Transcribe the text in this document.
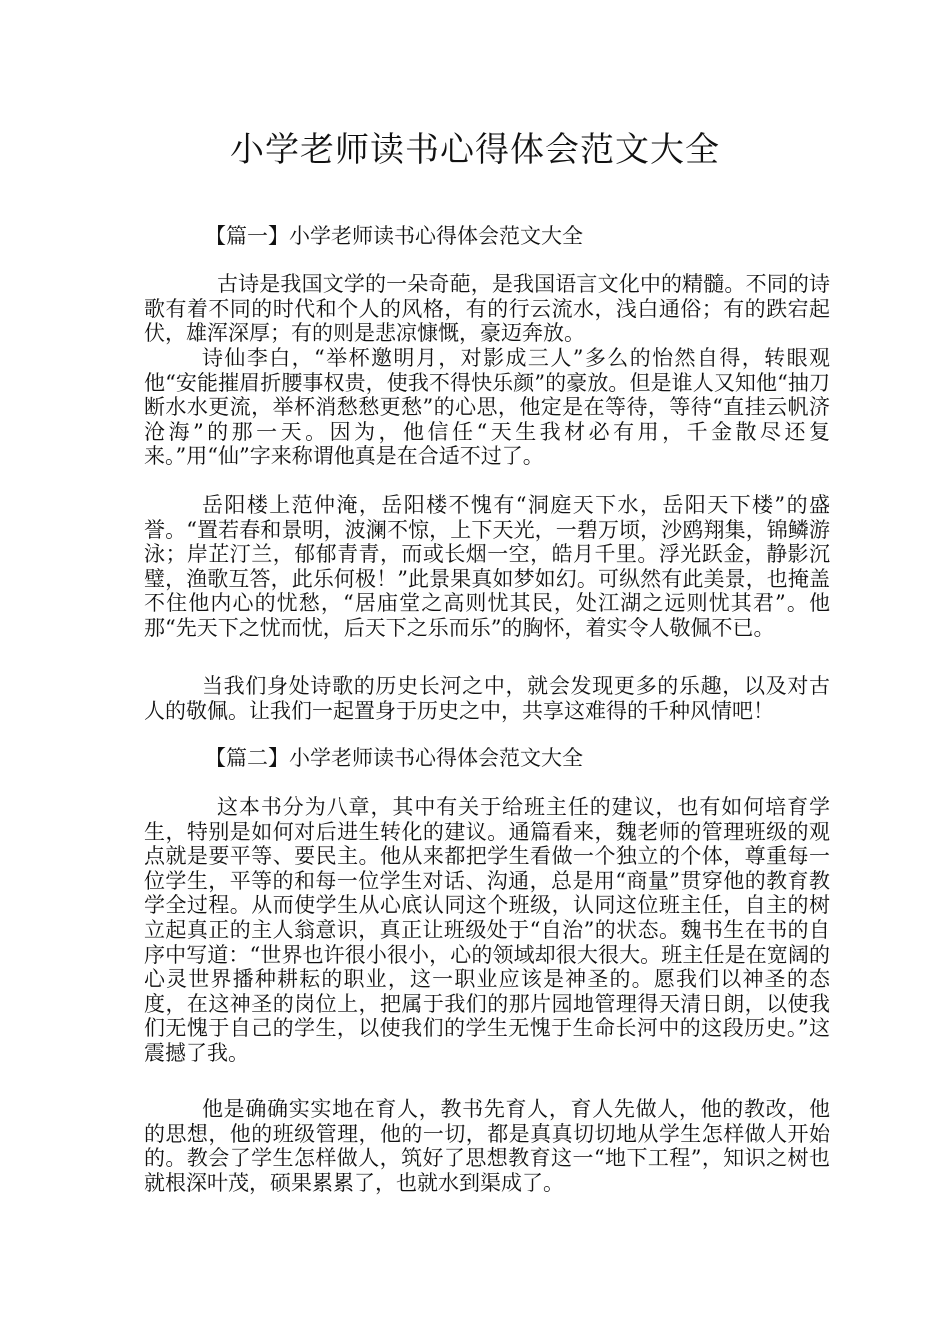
小学老师读书心得体会范文大全
【篇一】小学老师读书心得体会范文大全

古诗是我国文学的一朵奇葩，是我国语言文化中的精髓。不同的诗歌有着不同的时代和个人的风格，有的行云流水，浅白通俗；有的跌宕起伏，雄浑深厚；有的则是悲凉慷慨，豪迈奔放。

诗仙李白，“举杯邀明月，对影成三人”多么的怡然自得，转眼观他“安能摧眉折腰事权贵，使我不得快乐颜”的豪放。但是谁人又知他“抽刀断水水更流，举杯消愁愁更愁”的心思，他定是在等待，等待“直挂云帆济沧海”的那一天。因为，他信任“天生我材必有用，千金散尽还复来。”用“仙”字来称谓他真是在合适不过了。

岳阳楼上范仲淹，岳阳楼不愧有“洞庭天下水，岳阳天下楼”的盛誉。“置若春和景明，波澜不惊，上下天光，一碧万顷，沙鸥翔集，锦鳞游泳；岸芷汀兰，郁郁青青，而或长烟一空，皓月千里。浮光跃金，静影沉璧，渔歌互答，此乐何极！”此景果真如梦如幻。可纵然有此美景，也掩盖不住他内心的忧愁，“居庙堂之高则忧其民，处江湖之远则忧其君”。他那“先天下之忧而忧，后天下之乐而乐”的胸怀，着实令人敬佩不已。

当我们身处诗歌的历史长河之中，就会发现更多的乐趣，以及对古人的敬佩。让我们一起置身于历史之中，共享这难得的千种风情吧！

【篇二】小学老师读书心得体会范文大全

这本书分为八章，其中有关于给班主任的建议，也有如何培育学生，特别是如何对后进生转化的建议。通篇看来，魏老师的管理班级的观点就是要平等、要民主。他从来都把学生看做一个独立的个体，尊重每一位学生，平等的和每一位学生对话、沟通，总是用“商量”贯穿他的教育教学全过程。从而使学生从心底认同这个班级，认同这位班主任，自主的树立起真正的主人翁意识，真正让班级处于“自治”的状态。魏书生在书的自序中写道：“世界也许很小很小，心的领域却很大很大。班主任是在宽阔的心灵世界播种耕耘的职业，这一职业应该是神圣的。愿我们以神圣的态度，在这神圣的岗位上，把属于我们的那片园地管理得天清日朗，以使我们无愧于自己的学生，以使我们的学生无愧于生命长河中的这段历史。”这震撼了我。

他是确确实实地在育人，教书先育人，育人先做人，他的教改，他的思想，他的班级管理，他的一切，都是真真切切地从学生怎样做人开始的。教会了学生怎样做人，筑好了思想教育这一“地下工程”，知识之树也就根深叶茂，硕果累累了，也就水到渠成了。
